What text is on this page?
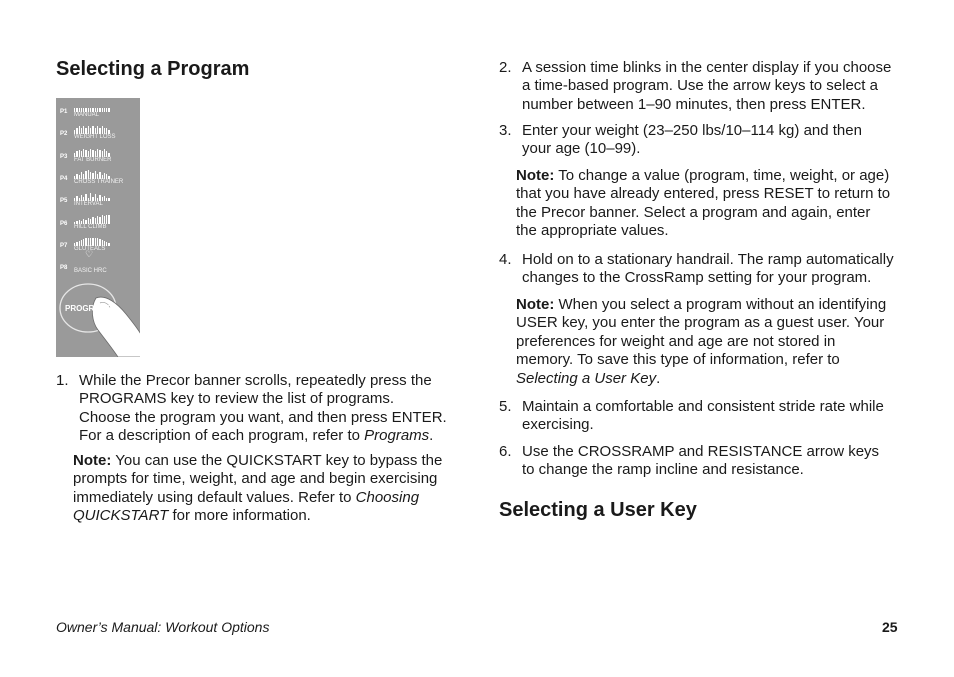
Selecting a Program
PROGRAMS
♡
P1 MANUAL
P2 WEIGHT LOSS
P3 FAT BURNER
P4 CROSS TRAINER
P5 INTERVAL
P6 HILL CLIMB
P7 GLUTEALS
P8 BASIC HRC
1. While the Precor banner scrolls, repeatedly press the
PROGRAMS key to review the list of programs.
Choose the program you want, and then press ENTER.
For a description of each program, refer to Programs.
Note: You can use the QUICKSTART key to bypass the
prompts for time, weight, and age and begin exercising
immediately using default values. Refer to Choosing
QUICKSTART for more information.
2. A session time blinks in the center display if you choose
a time-based program. Use the arrow keys to select a
number between 1–90 minutes, then press ENTER.
3. Enter your weight (23–250 lbs/10–114 kg) and then
your age (10–99).
Note: To change a value (program, time, weight, or age)
that you have already entered, press RESET to return to
the Precor banner. Select a program and again, enter
the appropriate values.
4. Hold on to a stationary handrail. The ramp automatically
changes to the CrossRamp setting for your program.
Note: When you select a program without an identifying
USER key, you enter the program as a guest user. Your
preferences for weight and age are not stored in
memory. To save this type of information, refer to
Selecting a User Key.
5. Maintain a comfortable and consistent stride rate while
exercising.
6. Use the CROSSRAMP and RESISTANCE arrow keys
to change the ramp incline and resistance.
Selecting a User Key
Owner’s Manual: Workout Options	25
